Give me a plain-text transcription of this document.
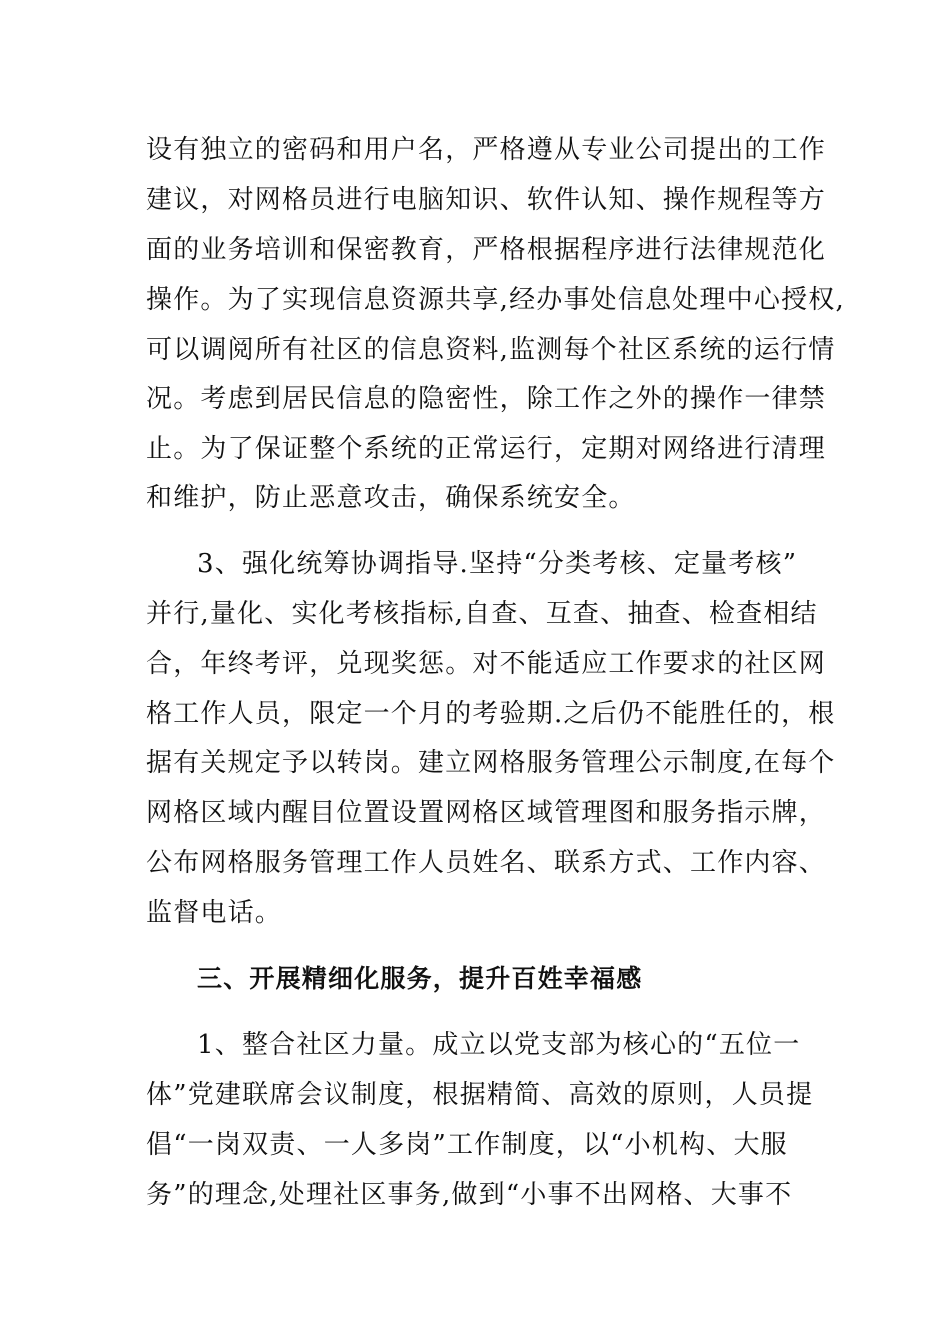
设有独立的密码和用户名，严格遵从专业公司提出的工作
建议，对网格员进行电脑知识、软件认知、操作规程等方
面的业务培训和保密教育，严格根据程序进行法律规范化
操作。为了实现信息资源共享,经办事处信息处理中心授权,
可以调阅所有社区的信息资料,监测每个社区系统的运行情
况。考虑到居民信息的隐密性，除工作之外的操作一律禁
止。为了保证整个系统的正常运行，定期对网络进行清理
和维护，防止恶意攻击，确保系统安全。
3、强化统筹协调指导.坚持“分类考核、定量考核”
并行,量化、实化考核指标,自查、互查、抽查、检查相结
合，年终考评，兑现奖惩。对不能适应工作要求的社区网
格工作人员，限定一个月的考验期.之后仍不能胜任的，根
据有关规定予以转岗。建立网格服务管理公示制度,在每个
网格区域内醒目位置设置网格区域管理图和服务指示牌，
公布网格服务管理工作人员姓名、联系方式、工作内容、
监督电话。
三、开展精细化服务，提升百姓幸福感
1、整合社区力量。成立以党支部为核心的“五位一
体”党建联席会议制度，根据精简、高效的原则，人员提
倡“一岗双责、一人多岗”工作制度，以“小机构、大服
务”的理念,处理社区事务,做到“小事不出网格、大事不
